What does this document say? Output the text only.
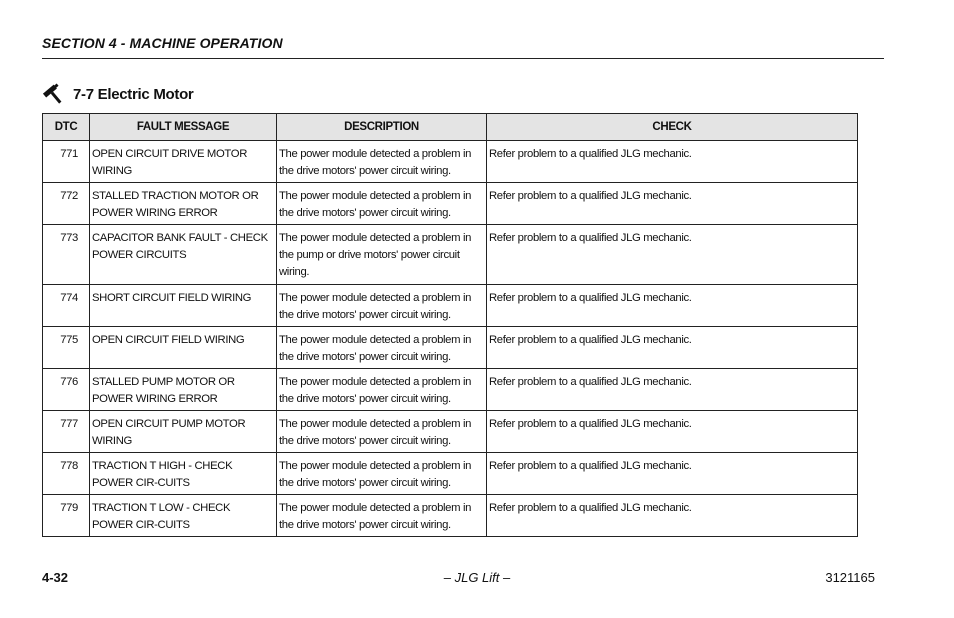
SECTION 4 - MACHINE OPERATION
7-7 Electric Motor
DTC	FAULT MESSAGE	DESCRIPTION	CHECK
771	OPEN CIRCUIT DRIVE MOTOR WIRING	The power module detected a problem in the drive motors' power circuit wiring.	Refer problem to a qualified JLG mechanic.
772	STALLED TRACTION MOTOR OR POWER WIRING ERROR	The power module detected a problem in the drive motors' power circuit wiring.	Refer problem to a qualified JLG mechanic.
773	CAPACITOR BANK FAULT - CHECK POWER CIRCUITS	The power module detected a problem in the pump or drive motors' power circuit wiring.	Refer problem to a qualified JLG mechanic.
774	SHORT CIRCUIT FIELD WIRING	The power module detected a problem in the drive motors' power circuit wiring.	Refer problem to a qualified JLG mechanic.
775	OPEN CIRCUIT FIELD WIRING	The power module detected a problem in the drive motors' power circuit wiring.	Refer problem to a qualified JLG mechanic.
776	STALLED PUMP MOTOR OR POWER WIRING ERROR	The power module detected a problem in the drive motors' power circuit wiring.	Refer problem to a qualified JLG mechanic.
777	OPEN CIRCUIT PUMP MOTOR WIRING	The power module detected a problem in the drive motors' power circuit wiring.	Refer problem to a qualified JLG mechanic.
778	TRACTION T HIGH - CHECK POWER CIR-CUITS	The power module detected a problem in the drive motors' power circuit wiring.	Refer problem to a qualified JLG mechanic.
779	TRACTION T LOW - CHECK POWER CIR-CUITS	The power module detected a problem in the drive motors' power circuit wiring.	Refer problem to a qualified JLG mechanic.
4-32	– JLG Lift –	3121165
